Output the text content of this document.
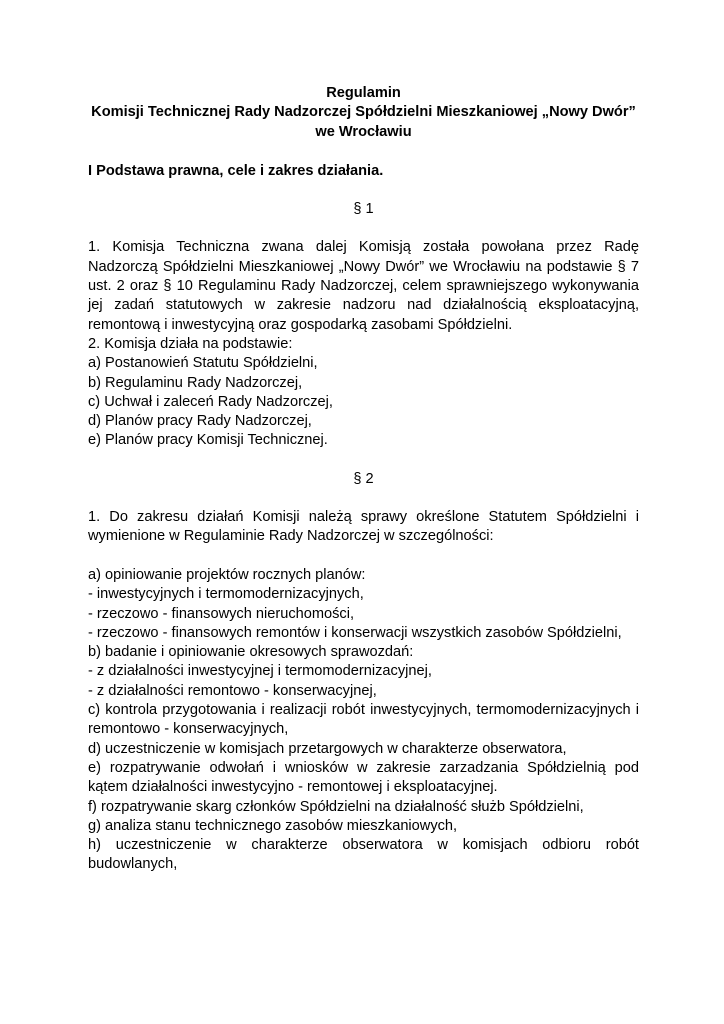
Regulamin

Komisji Technicznej Rady Nadzorczej Spółdzielni Mieszkaniowej „Nowy Dwór”

we Wrocławiu

I Podstawa prawna, cele i zakres działania.

§ 1

1. Komisja Techniczna zwana dalej Komisją została powołana przez Radę Nadzorczą Spółdzielni Mieszkaniowej „Nowy Dwór” we Wrocławiu na podstawie § 7 ust. 2 oraz § 10 Regulaminu Rady Nadzorczej, celem sprawniejszego wykonywania jej zadań statutowych w zakresie nadzoru nad działalnością eksploatacyjną, remontową i inwestycyjną oraz gospodarką zasobami Spółdzielni.

2. Komisja działa na podstawie:

a) Postanowień Statutu Spółdzielni,

b) Regulaminu Rady Nadzorczej,

c) Uchwał i zaleceń Rady Nadzorczej,

d) Planów pracy Rady Nadzorczej,

e) Planów pracy Komisji Technicznej.

§ 2

1. Do zakresu działań Komisji należą sprawy określone Statutem Spółdzielni i wymienione w Regulaminie Rady Nadzorczej w szczególności:

a) opiniowanie projektów rocznych planów:

- inwestycyjnych i termomodernizacyjnych,

- rzeczowo - finansowych nieruchomości,

- rzeczowo - finansowych remontów i konserwacji wszystkich zasobów Spółdzielni,

b) badanie i opiniowanie okresowych sprawozdań:

- z działalności inwestycyjnej i termomodernizacyjnej,

- z działalności remontowo - konserwacyjnej,

c) kontrola przygotowania i realizacji robót inwestycyjnych, termomodernizacyjnych i remontowo - konserwacyjnych,

d) uczestniczenie w komisjach przetargowych w charakterze obserwatora,

e) rozpatrywanie odwołań i wniosków w zakresie zarzadzania Spółdzielnią pod kątem działalności inwestycyjno - remontowej i eksploatacyjnej.

f) rozpatrywanie skarg członków Spółdzielni na działalność służb Spółdzielni,

g) analiza stanu technicznego zasobów mieszkaniowych,

h) uczestniczenie w charakterze obserwatora w komisjach odbioru robót budowlanych,
